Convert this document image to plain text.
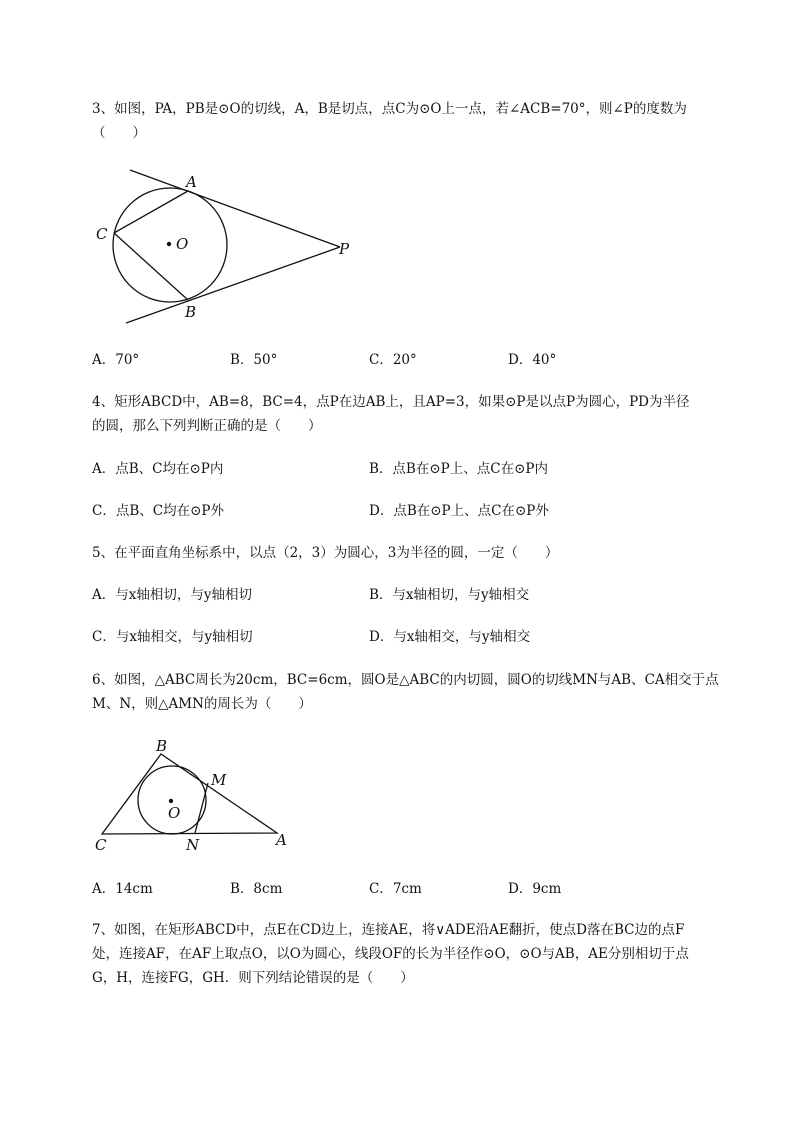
3、如图，PA，PB是⊙O的切线，A，B是切点，点C为⊙O上一点，若∠ACB=70°，则∠P的度数为

（　　）

A
B
C
O	P
A．70°	B．50°	C．20°	D．40°

4、矩形ABCD中，AB=8，BC=4，点P在边AB上，且AP=3，如果⊙P是以点P为圆心，PD为半径

的圆，那么下列判断正确的是（　　）

A．点B、C均在⊙P内	B．点B在⊙P上、点C在⊙P内
C．点B、C均在⊙P外	D．点B在⊙P上、点C在⊙P外

5、在平面直角坐标系中，以点（2，3）为圆心，3为半径的圆，一定（　　）

A．与x轴相切，与y轴相切	B．与x轴相切，与y轴相交
C．与x轴相交，与y轴相切	D．与x轴相交，与y轴相交

6、如图，△ABC周长为20cm，BC=6cm，圆O是△ABC的内切圆，圆O的切线MN与AB、CA相交于点

M、N，则△AMN的周长为（　　）

B
M
O
C	N	A
A．14cm	B．8cm	C．7cm	D．9cm

7、如图，在矩形ABCD中，点E在CD边上，连接AE，将∨ADE沿AE翻折，使点D落在BC边的点F

处，连接AF，在AF上取点O，以O为圆心，线段OF的长为半径作⊙O，⊙O与AB，AE分别相切于点

G，H，连接FG，GH．则下列结论错误的是（　　）
